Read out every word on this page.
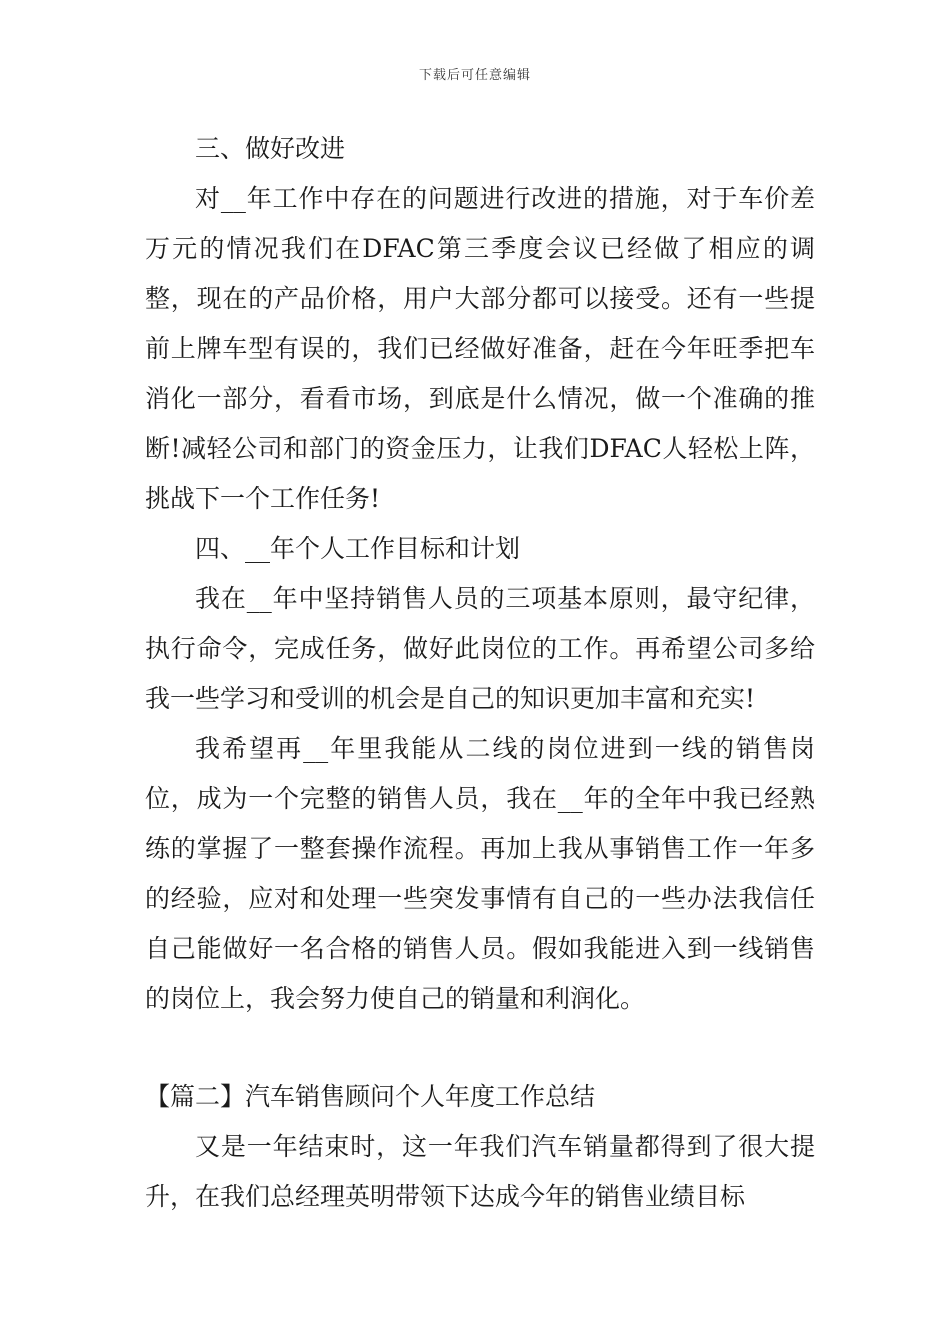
下载后可任意编辑

三、做好改进

对__年工作中存在的问题进行改进的措施，对于车价差万元的情况我们在DFAC第三季度会议已经做了相应的调整，现在的产品价格，用户大部分都可以接受。还有一些提前上牌车型有误的，我们已经做好准备，赶在今年旺季把车消化一部分，看看市场，到底是什么情况，做一个准确的推断!减轻公司和部门的资金压力，让我们DFAC人轻松上阵，挑战下一个工作任务!

四、__年个人工作目标和计划

我在__年中坚持销售人员的三项基本原则，最守纪律，执行命令，完成任务，做好此岗位的工作。再希望公司多给我一些学习和受训的机会是自己的知识更加丰富和充实!

我希望再__年里我能从二线的岗位进到一线的销售岗位，成为一个完整的销售人员，我在__年的全年中我已经熟练的掌握了一整套操作流程。再加上我从事销售工作一年多的经验，应对和处理一些突发事情有自己的一些办法我信任自己能做好一名合格的销售人员。假如我能进入到一线销售的岗位上，我会努力使自己的销量和利润化。

【篇二】汽车销售顾问个人年度工作总结

又是一年结束时，这一年我们汽车销量都得到了很大提升，在我们总经理英明带领下达成今年的销售业绩目标
